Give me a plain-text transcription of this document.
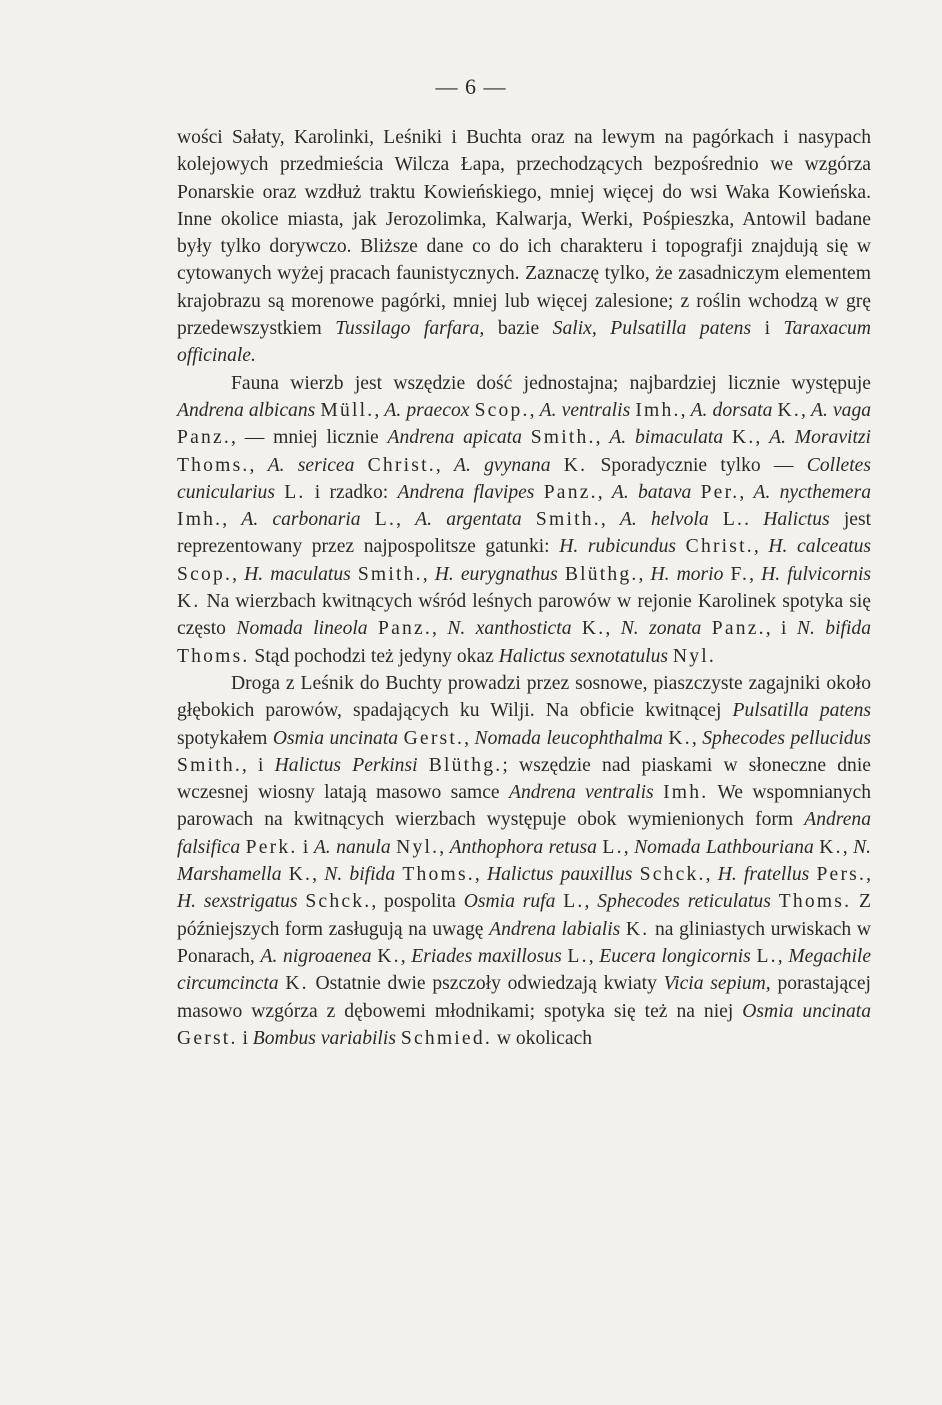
— 6 —

wości Sałaty, Karolinki, Leśniki i Buchta oraz na lewym na pagórkach i nasypach kolejowych przedmieścia Wilcza Łapa, przechodzących bezpośrednio we wzgórza Ponarskie oraz wzdłuż traktu Kowieńskiego, mniej więcej do wsi Waka Kowieńska. Inne okolice miasta, jak Jerozolimka, Kalwarja, Werki, Pośpieszka, Antowil badane były tylko dorywczo. Bliższe dane co do ich charakteru i topografji znajdują się w cytowanych wyżej pracach faunistycznych. Zaznaczę tylko, że zasadniczym elementem krajobrazu są morenowe pagórki, mniej lub więcej zalesione; z roślin wchodzą w grę przedewszystkiem Tussilago farfara, bazie Salix, Pulsatilla patens i Taraxacum officinale.

Fauna wierzb jest wszędzie dość jednostajna; najbardziej licznie występuje Andrena albicans Müll., A. praecox Scop., A. ventralis Imh., A. dorsata K., A. vaga Panz., — mniej licznie Andrena apicata Smith., A. bimaculata K., A. Moravitzi Thoms., A. sericea Christ., A. gvynana K. Sporadycznie tylko — Colletes cunicularius L. i rzadko: Andrena flavipes Panz., A. batava Per., A. nycthemera Imh., A. carbonaria L., A. argentata Smith., A. helvola L.. Halictus jest reprezentowany przez najpospolitsze gatunki: H. rubicundus Christ., H. calceatus Scop., H. maculatus Smith., H. eurygnathus Blüthg., H. morio F., H. fulvicornis K. Na wierzbach kwitnących wśród leśnych parowów w rejonie Karolinek spotyka się często Nomada lineola Panz., N. xanthosticta K., N. zonata Panz., i N. bifida Thoms. Stąd pochodzi też jedyny okaz Halictus sexnotatulus Nyl.

Droga z Leśnik do Buchty prowadzi przez sosnowe, piaszczyste zagajniki około głębokich parowów, spadających ku Wilji. Na obficie kwitnącej Pulsatilla patens spotykałem Osmia uncinata Gerst., Nomada leucophthalma K., Sphecodes pellucidus Smith., i Halictus Perkinsi Blüthg.; wszędzie nad piaskami w słoneczne dnie wczesnej wiosny latają masowo samce Andrena ventralis Imh. We wspomnianych parowach na kwitnących wierzbach występuje obok wymienionych form Andrena falsifica Perk. i A. nanula Nyl., Anthophora retusa L., Nomada Lathbouriana K., N. Marshamella K., N. bifida Thoms., Halictus pauxillus Schck., H. fratellus Pers., H. sexstrigatus Schck., pospolita Osmia rufa L., Sphecodes reticulatus Thoms. Z późniejszych form zasługują na uwagę Andrena labialis K. na gliniastych urwiskach w Ponarach, A. nigroaenea K., Eriades maxillosus L., Eucera longicornis L., Megachile circumcincta K. Ostatnie dwie pszczoły odwiedzają kwiaty Vicia sepium, porastającej masowo wzgórza z dębowemi młodnikami; spotyka się też na niej Osmia uncinata Gerst. i Bombus variabilis Schmied. w okolicach
